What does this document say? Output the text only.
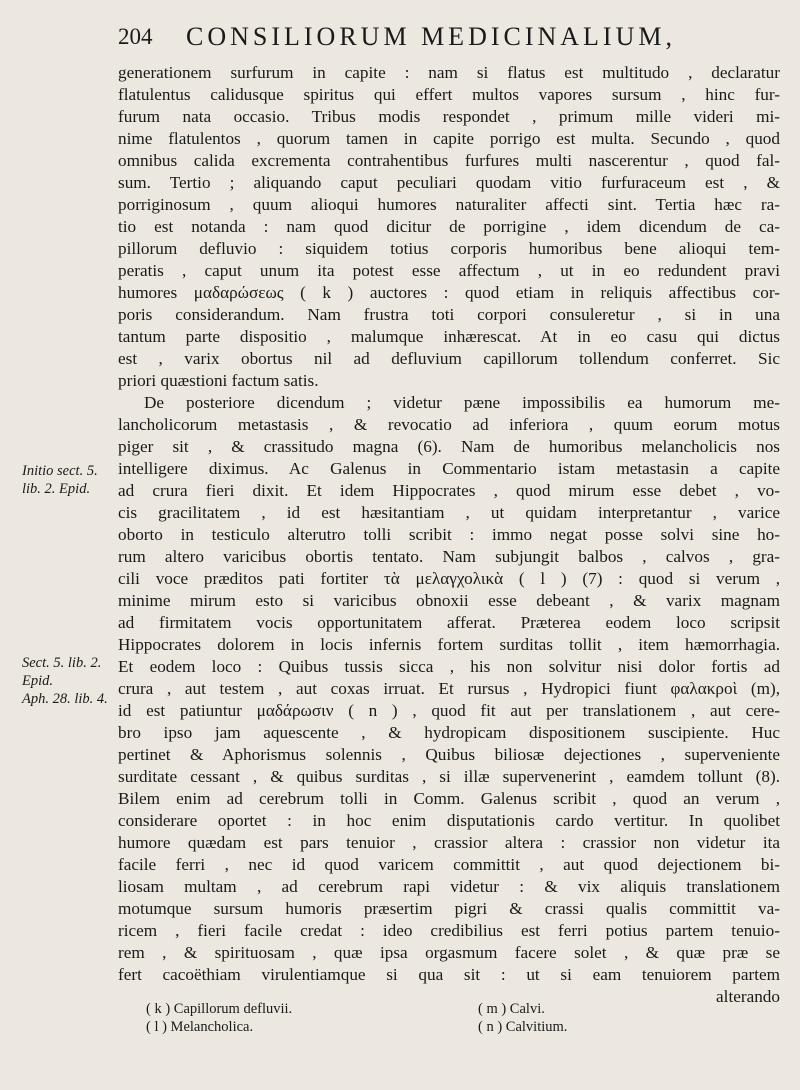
204 CONSILIORUM MEDICINALIUM,
Initio sect. 5.
lib. 2. Epid.
Sect. 5. lib. 2.
Epid.
Aph. 28. lib. 4.
generationem surfurum in capite : nam si flatus est multitudo , declaratur
flatulentus calidusque spiritus qui effert multos vapores sursum , hinc fur-
furum nata occasio. Tribus modis respondet , primum mille videri mi-
nime flatulentos , quorum tamen in capite porrigo est multa. Secundo , quod
omnibus calida excrementa contrahentibus furfures multi nascerentur , quod fal-
sum. Tertio ; aliquando caput peculiari quodam vitio furfuraceum est , &
porriginosum , quum alioqui humores naturaliter affecti sint. Tertia hæc ra-
tio est notanda : nam quod dicitur de porrigine , idem dicendum de ca-
pillorum defluvio : siquidem totius corporis humoribus bene alioqui tem-
peratis , caput unum ita potest esse affectum , ut in eo redundent pravi
humores μαδαρώσεως ( k ) auctores : quod etiam in reliquis affectibus cor-
poris considerandum. Nam frustra toti corpori consuleretur , si in una
tantum parte dispositio , malumque inhærescat. At in eo casu qui dictus
est , varix obortus nil ad defluvium capillorum tollendum conferret. Sic
priori quæstioni factum satis.
De posteriore dicendum ; videtur pæne impossibilis ea humorum me-
lancholicorum metastasis , & revocatio ad inferiora , quum eorum motus
piger sit , & crassitudo magna (6). Nam de humoribus melancholicis nos
intelligere diximus. Ac Galenus in Commentario istam metastasin a capite
ad crura fieri dixit. Et idem Hippocrates , quod mirum esse debet , vo-
cis gracilitatem , id est hæsitantiam , ut quidam interpretantur , varice
oborto in testiculo alterutro tolli scribit : immo negat posse solvi sine ho-
rum altero varicibus obortis tentato. Nam subjungit balbos , calvos , gra-
cili voce præditos pati fortiter τὰ μελαγχολικὰ ( l ) (7) : quod si verum ,
minime mirum esto si varicibus obnoxii esse debeant , & varix magnam
ad firmitatem vocis opportunitatem afferat. Præterea eodem loco scripsit
Hippocrates dolorem in locis infernis fortem surditas tollit , item hæmorrhagia.
Et eodem loco : Quibus tussis sicca , his non solvitur nisi dolor fortis ad
crura , aut testem , aut coxas irruat. Et rursus , Hydropici fiunt φαλακροὶ (m),
id est patiuntur μαδάρωσιν ( n ) , quod fit aut per translationem , aut cere-
bro ipso jam aquescente , & hydropicam dispositionem suscipiente. Huc
pertinet & Aphorismus solennis , Quibus biliosæ dejectiones , superveniente
surditate cessant , & quibus surditas , si illæ supervenerint , eamdem tollunt (8).
Bilem enim ad cerebrum tolli in Comm. Galenus scribit , quod an verum ,
considerare oportet : in hoc enim disputationis cardo vertitur. In quolibet
humore quædam est pars tenuior , crassior altera : crassior non videtur ita
facile ferri , nec id quod varicem committit , aut quod dejectionem bi-
liosam multam , ad cerebrum rapi videtur : & vix aliquis translationem
motumque sursum humoris præsertim pigri & crassi qualis committit va-
ricem , fieri facile credat : ideo credibilius est ferri potius partem tenuio-
rem , & spirituosam , quæ ipsa orgasmum facere solet , & quæ præ se
fert cacoëthiam virulentiamque si qua sit : ut si eam tenuiorem partem
alterando
( k ) Capillorum defluvii.
( l ) Melancholica.
( m ) Calvi.
( n ) Calvitium.
